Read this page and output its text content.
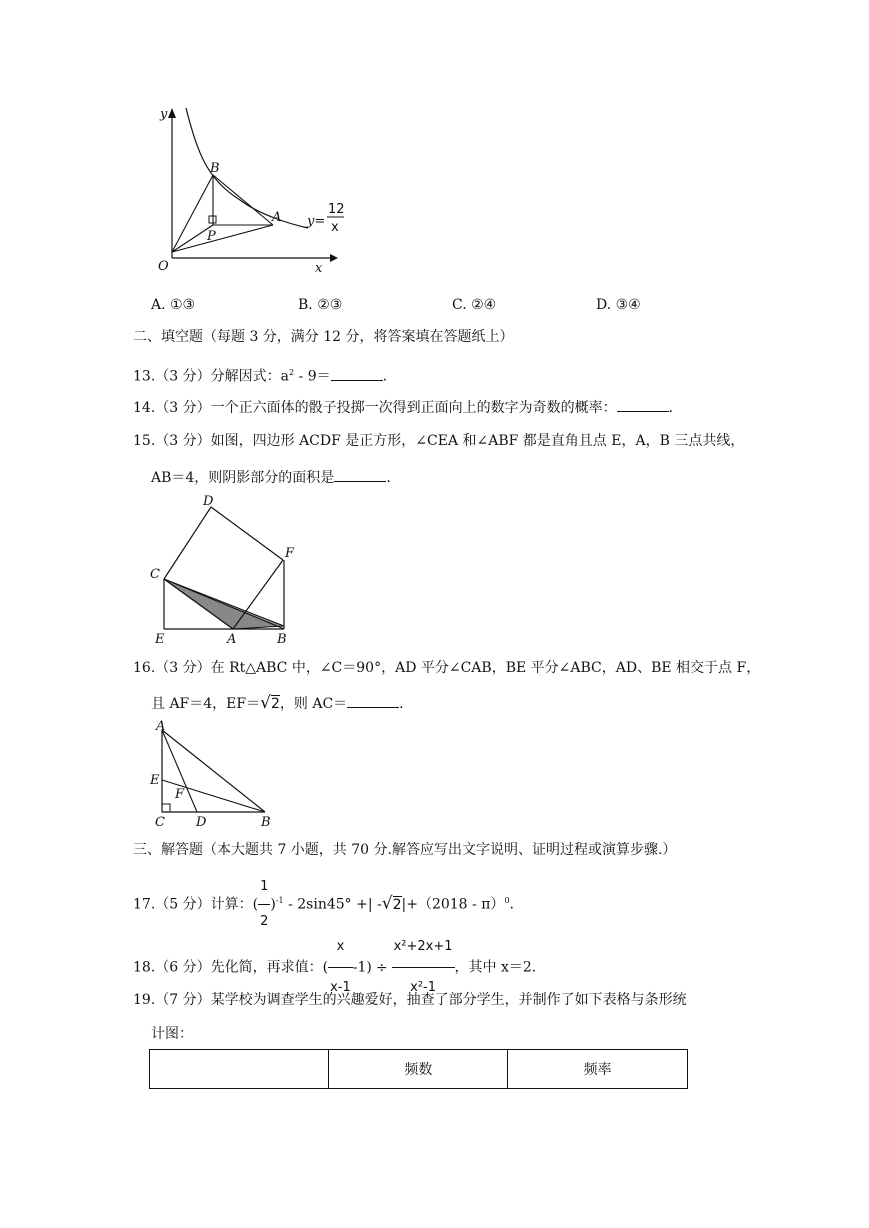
y
x
O
B
A
P
y=
12
x
A. ①③	B. ②③	C. ②④	D. ③④
二、填空题（每题 3 分，满分 12 分，将答案填在答题纸上）
13.（3 分）分解因式：$a^2 - 9=$	.
14.（3 分）一个正六面体的骰子投掷一次得到正面向上的数字为奇数的概率：	.
15.（3 分）如图，四边形 ACDF 是正方形，∠CEA 和∠ABF 都是直角且点 E，A，B 三点共线，
AB＝4，则阴影部分的面积是	.
D
F
C
E	A	B
16.（3 分）在 Rt△ABC 中，∠C＝90°，AD 平分∠CAB，BE 平分∠ABC，AD、BE 相交于点 F，
且 AF＝4，EF＝√2，则 AC＝	.
A
E
F
C D	B
三、解答题（本大题共 7 小题，共 70 分.解答应写出文字说明、证明过程或演算步骤.）
17.（5 分）计算：( $\frac{1}{2} )^{-1} - 2\sin 45^\circ$ +| -√2|+（2018 - π）$^0$.
18.（6 分）先化简，再求值：( $\frac{x}{x-1} -1) \div \frac{\text{x²+2x+1}}{\text{x²-1}}$ ，其中 x＝2.
19.（7 分）某学校为调查学生的兴趣爱好，抽查了部分学生，并制作了如下表格与条形统
计图：
	频数	频率
